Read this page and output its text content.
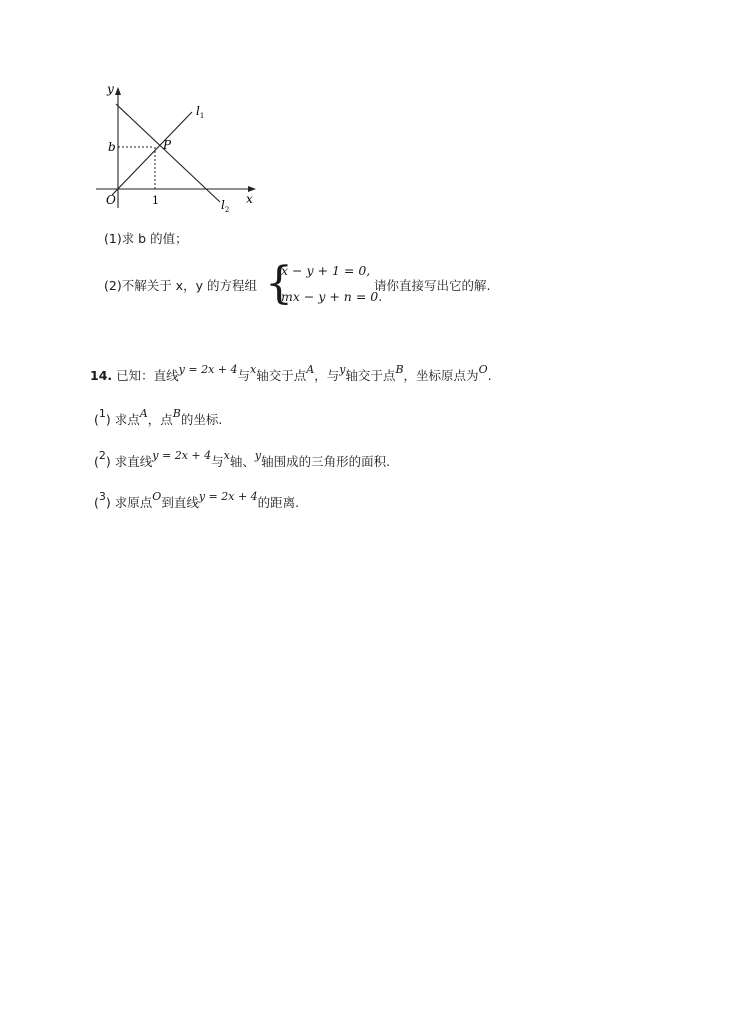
y
x
O
b
1
P
$l_1$
$l_2$
(1)求 b 的值；
(2)不解关于 x，y 的方程组 {
x − y + 1 = 0,
mx − y + n = 0.
请你直接写出它的解.
14. 已知：直线y = 2x + 4与x轴交于点A，与y轴交于点B，坐标原点为O.
(1) 求点A，点B的坐标.
(2) 求直线y = 2x + 4与x轴、y轴围成的三角形的面积.
(3) 求原点O到直线y = 2x + 4的距离.
